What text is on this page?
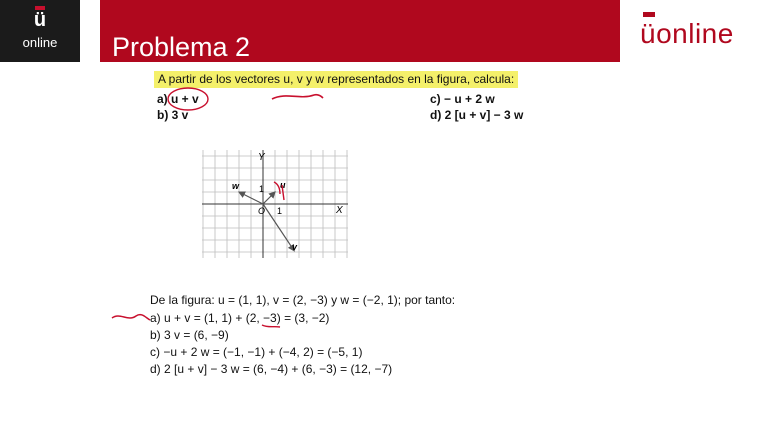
ü
online	Problema 2	üonline
A partir de los vectores u, v y w representados en la figura, calcula:
a) u + v
b) 3 v
c) − u + 2 w
d) 2 [u + v] − 3 w
Y
X
O 1
1 u
v
w
De la figura: u = (1, 1), v = (2, −3) y w = (−2, 1); por tanto:
a) u + v = (1, 1) + (2, −3) = (3, −2)
b) 3 v = (6, −9)
c) −u + 2 w = (−1, −1) + (−4, 2) = (−5, 1)
d) 2 [u + v] − 3 w = (6, −4) + (6, −3) = (12, −7)
